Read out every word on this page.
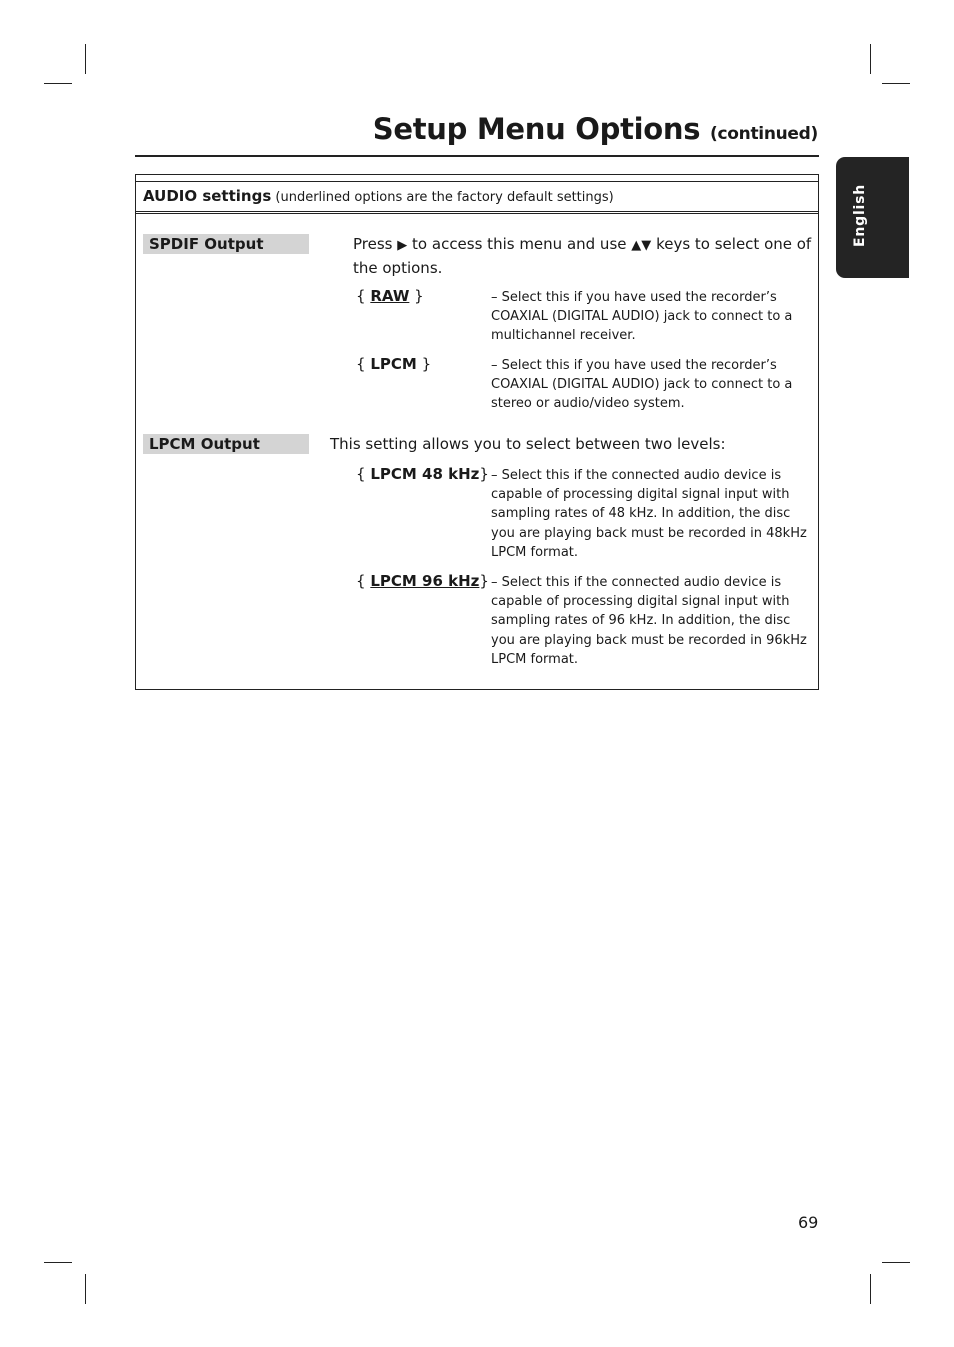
Setup Menu Options (continued)
English
AUDIO settings (underlined options are the factory default settings)
SPDIF Output	Press ▶ to access this menu and use ▲▼ keys to select one of the options.
{ RAW }	– Select this if you have used the recorder’s COAXIAL (DIGITAL AUDIO) jack to connect to a multichannel receiver.
{ LPCM }	– Select this if you have used the recorder’s COAXIAL (DIGITAL AUDIO) jack to connect to a stereo or audio/video system.
LPCM Output	This setting allows you to select between two levels:
{ LPCM 48 kHz} – Select this if the connected audio device is capable of processing digital signal input with sampling rates of 48 kHz. In addition, the disc you are playing back must be recorded in 48kHz LPCM format.
{ LPCM 96 kHz} – Select this if the connected audio device is capable of processing digital signal input with sampling rates of 96 kHz. In addition, the disc you are playing back must be recorded in 96kHz LPCM format.
69
